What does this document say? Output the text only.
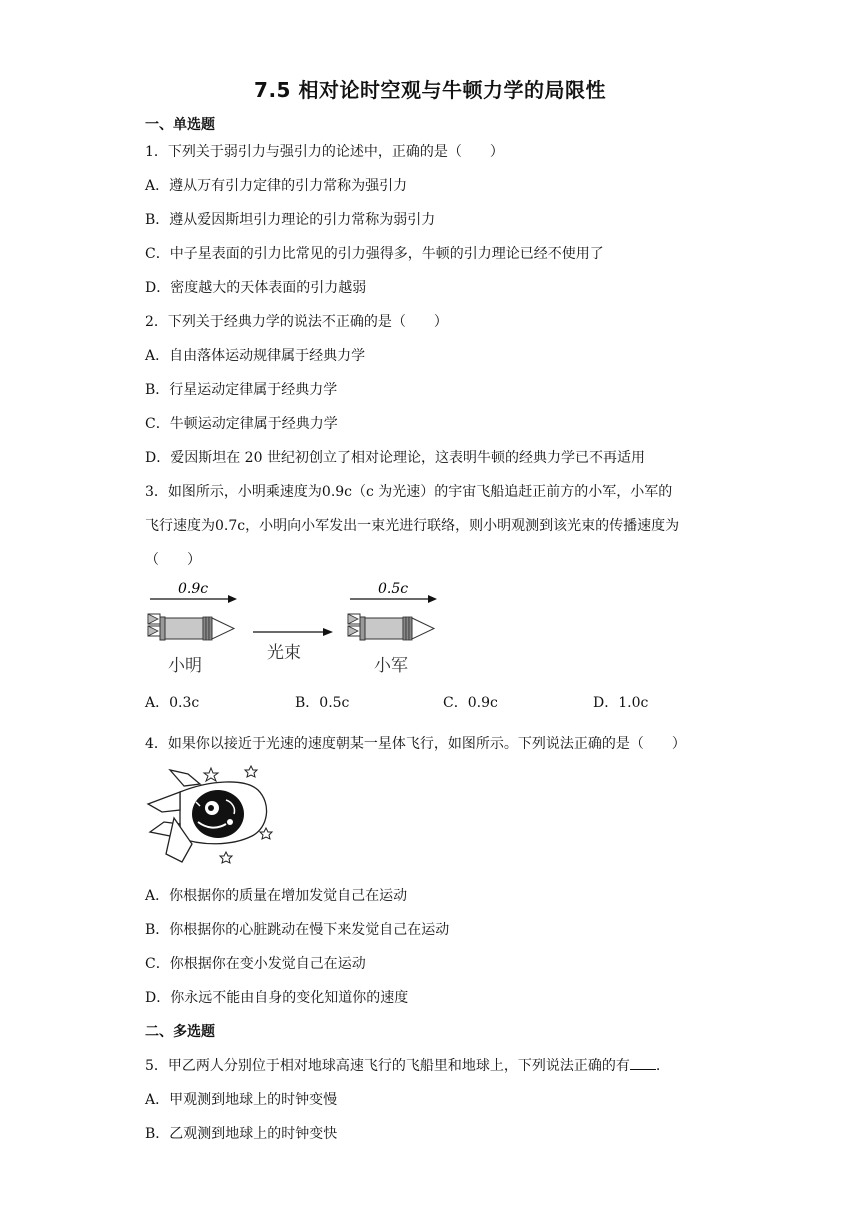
7.5 相对论时空观与牛顿力学的局限性
一、单选题
1．下列关于弱引力与强引力的论述中，正确的是（　　）
A．遵从万有引力定律的引力常称为强引力
B．遵从爱因斯坦引力理论的引力常称为弱引力
C．中子星表面的引力比常见的引力强得多，牛顿的引力理论已经不使用了
D．密度越大的天体表面的引力越弱
2．下列关于经典力学的说法不正确的是（　　）
A．自由落体运动规律属于经典力学
B．行星运动定律属于经典力学
C．牛顿运动定律属于经典力学
D．爱因斯坦在 20 世纪初创立了相对论理论，这表明牛顿的经典力学已不再适用
3．如图所示，小明乘速度为0.9c（c 为光速）的宇宙飞船追赶正前方的小军，小军的
飞行速度为0.7c，小明向小军发出一束光进行联络，则小明观测到该光束的传播速度为
（　　）
0.9c
小明
光束
0.5c
小军
A．0.3c	B．0.5c	C．0.9c	D．1.0c
4．如果你以接近于光速的速度朝某一星体飞行，如图所示。下列说法正确的是（　　）
A．你根据你的质量在增加发觉自己在运动
B．你根据你的心脏跳动在慢下来发觉自己在运动
C．你根据你在变小发觉自己在运动
D．你永远不能由自身的变化知道你的速度
二、多选题
5．甲乙两人分别位于相对地球高速飞行的飞船里和地球上，下列说法正确的有 .
A．甲观测到地球上的时钟变慢
B．乙观测到地球上的时钟变快
